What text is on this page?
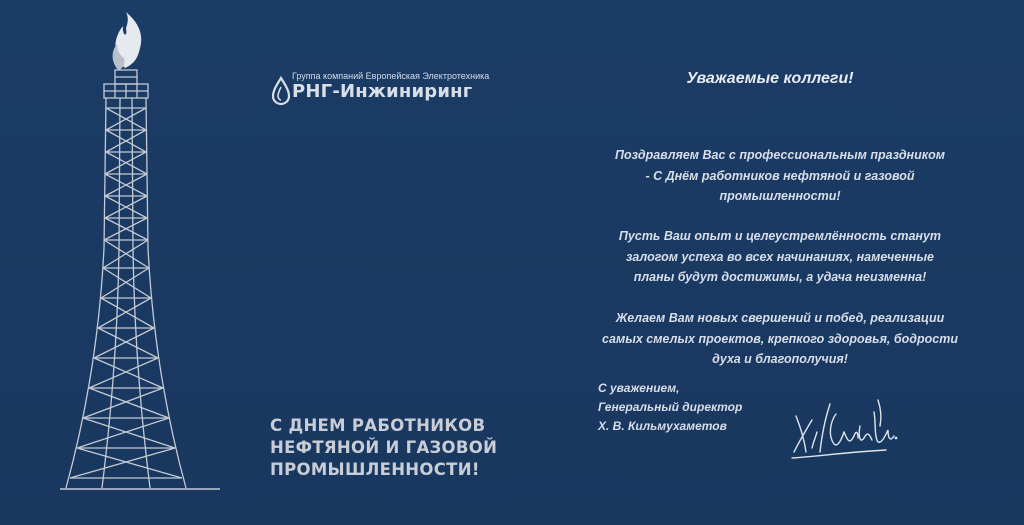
Группа компаний Европейская Электротехника
РНГ-Инжиниринг
С ДНЕМ РАБОТНИКОВ
НЕФТЯНОЙ И ГАЗОВОЙ
ПРОМЫШЛЕННОСТИ!
Уважаемые коллеги!
Поздравляем Вас с профессиональным праздником
- С Днём работников нефтяной и газовой
промышленности!
Пусть Ваш опыт и целеустремлённость станут
залогом успеха во всех начинаниях, намеченные
планы будут достижимы, а удача неизменна!
Желаем Вам новых свершений и побед, реализации
самых смелых проектов, крепкого здоровья, бодрости
духа и благополучия!
С уважением,
Генеральный директор
Х. В. Кильмухаметов
